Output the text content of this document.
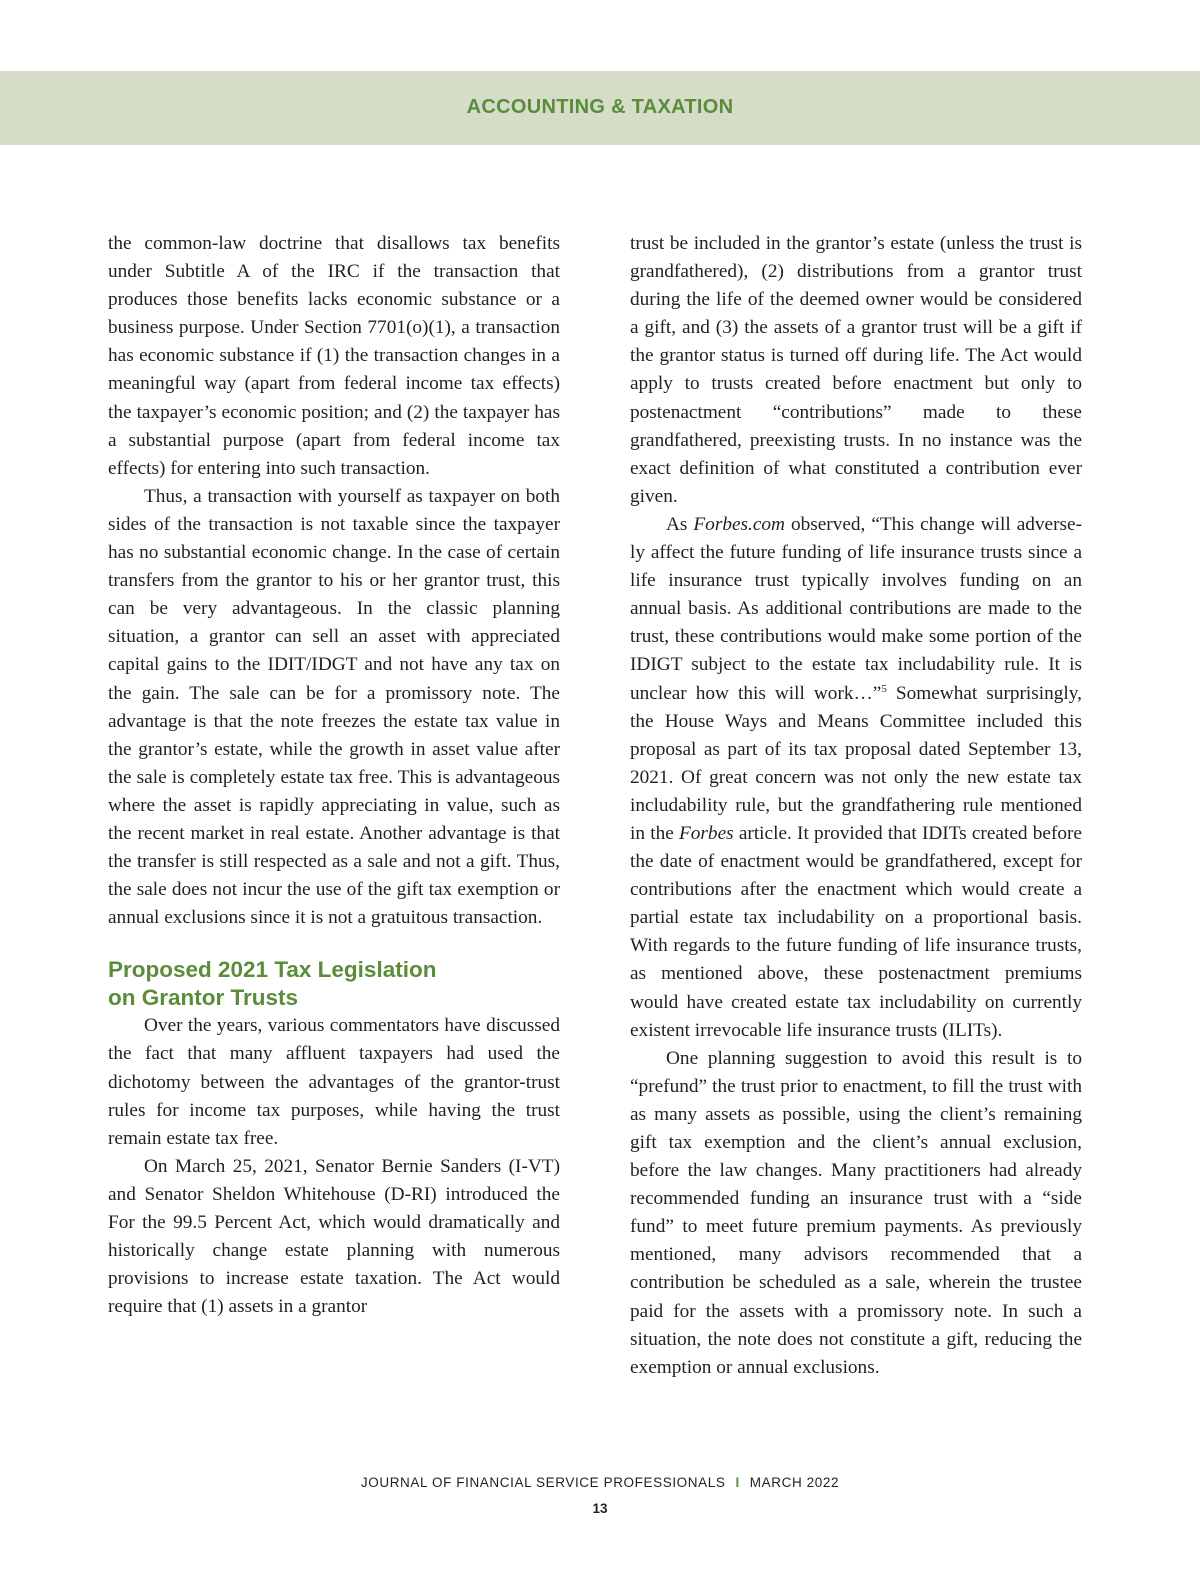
ACCOUNTING & TAXATION

the common-law doctrine that disallows tax benefits under Subtitle A of the IRC if the transaction that produces those benefits lacks economic substance or a business purpose. Under Section 7701(o)(1), a transaction has economic substance if (1) the transaction changes in a meaningful way (apart from federal income tax effects) the taxpayer’s economic position; and (2) the taxpayer has a substantial purpose (apart from federal income tax effects) for entering into such transaction.

Thus, a transaction with yourself as taxpayer on both sides of the transaction is not taxable since the taxpayer has no substantial economic change. In the case of certain transfers from the grantor to his or her grantor trust, this can be very advantageous. In the classic planning situation, a grantor can sell an asset with appreciated capital gains to the IDIT/​IDGT and not have any tax on the gain. The sale can be for a promissory note. The advantage is that the note freezes the estate tax value in the grantor’s estate, while the growth in asset value after the sale is completely estate tax free. This is advantageous where the asset is rapidly appreciating in value, such as the recent market in real estate. Another advantage is that the transfer is still respected as a sale and not a gift. Thus, the sale does not incur the use of the gift tax exemption or annual exclusions since it is not a gratuitous transaction.

Proposed 2021 Tax Legislation
on Grantor Trusts

Over the years, various commentators have discussed the fact that many affluent taxpayers had used the dichotomy between the advantages of the grantor-trust rules for income tax purposes, while having the trust remain estate tax free.

On March 25, 2021, Senator Bernie Sanders (I-​VT) and Senator Sheldon Whitehouse (D-RI) introduced the For the 99.5 Percent Act, which would dramatically and historically change estate planning with numerous provisions to increase estate taxation. The Act would require that (1) assets in a grantor

trust be included in the grantor’s estate (unless the trust is grandfathered), (2) distributions from a grantor trust during the life of the deemed owner would be considered a gift, and (3) the assets of a grantor trust will be a gift if the grantor status is turned off during life. The Act would apply to trusts created before enactment but only to postenactment “contributions” made to these grandfathered, preexisting trusts. In no instance was the exact definition of what constituted a contribution ever given.

As Forbes.com observed, “This change will adversely affect the future funding of life insurance trusts since a life insurance trust typically involves funding on an annual basis. As additional contributions are made to the trust, these contributions would make some portion of the IDIGT subject to the estate tax includability rule. It is unclear how this will work…”$^5$ Somewhat surprisingly, the House Ways and Means Committee included this proposal as part of its tax proposal dated September 13, 2021. Of great concern was not only the new estate tax includability rule, but the grandfathering rule mentioned in the Forbes article. It provided that IDITs created before the date of enactment would be grandfathered, except for contributions after the enactment which would create a partial estate tax includability on a proportional basis. With regards to the future funding of life insurance trusts, as mentioned above, these postenactment premiums would have created estate tax includability on currently existent irrevocable life insurance trusts (ILITs).

One planning suggestion to avoid this result is to “prefund” the trust prior to enactment, to fill the trust with as many assets as possible, using the client’s remaining gift tax exemption and the client’s annual exclusion, before the law changes. Many practitioners had already recommended funding an insurance trust with a “side fund” to meet future premium payments. As previously mentioned, many advisors recommended that a contribution be scheduled as a sale, wherein the trustee paid for the assets with a promissory note. In such a situation, the note does not constitute a gift, reducing the exemption or annual exclusions.

JOURNAL OF FINANCIAL SERVICE PROFESSIONALS I MARCH 2022
13
